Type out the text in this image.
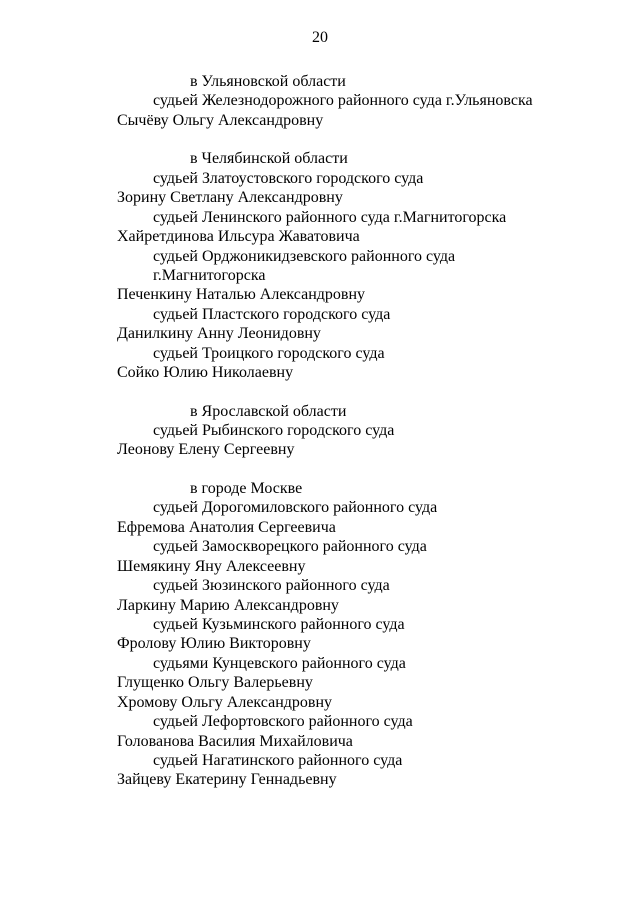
20
в Ульяновской области
судьей Железнодорожного районного суда г.Ульяновска
Сычёву Ольгу Александровну
в Челябинской области
судьей Златоустовского городского суда
Зорину Светлану Александровну
судьей Ленинского районного суда г.Магнитогорска
Хайретдинова Ильсура Жаватовича
судьей Орджоникидзевского районного суда
г.Магнитогорска
Печенкину Наталью Александровну
судьей Пластского городского суда
Данилкину Анну Леонидовну
судьей Троицкого городского суда
Сойко Юлию Николаевну
в Ярославской области
судьей Рыбинского городского суда
Леонову Елену Сергеевну
в городе Москве
судьей Дорогомиловского районного суда
Ефремова Анатолия Сергеевича
судьей Замоскворецкого районного суда
Шемякину Яну Алексеевну
судьей Зюзинского районного суда
Ларкину Марию Александровну
судьей Кузьминского районного суда
Фролову Юлию Викторовну
судьями Кунцевского районного суда
Глущенко Ольгу Валерьевну
Хромову Ольгу Александровну
судьей Лефортовского районного суда
Голованова Василия Михайловича
судьей Нагатинского районного суда
Зайцеву Екатерину Геннадьевну
